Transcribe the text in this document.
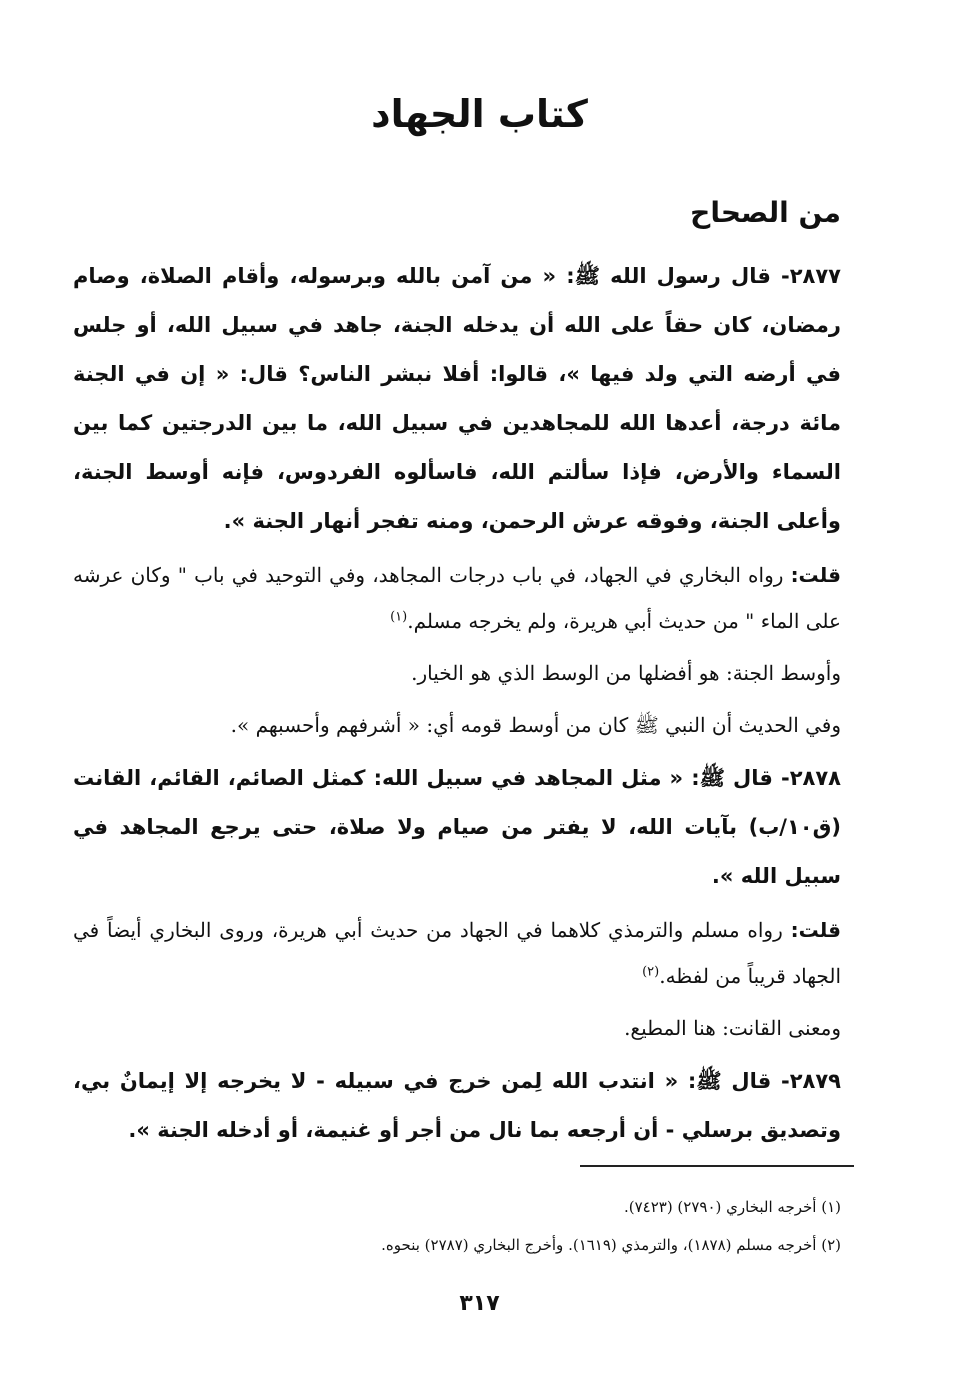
كتاب الجهاد
من الصحاح

٢٨٧٧- قال رسول الله ﷺ: « من آمن بالله وبرسوله، وأقام الصلاة، وصام رمضان، كان حقاً على الله أن يدخله الجنة، جاهد في سبيل الله، أو جلس في أرضه التي ولد فيها »، قالوا: أفلا نبشر الناس؟ قال: « إن في الجنة مائة درجة، أعدها الله للمجاهدين في سبيل الله، ما بين الدرجتين كما بين السماء والأرض، فإذا سألتم الله، فاسألوه الفردوس، فإنه أوسط الجنة، وأعلى الجنة، وفوقه عرش الرحمن، ومنه تفجر أنهار الجنة ».

قلت: رواه البخاري في الجهاد، في باب درجات المجاهد، وفي التوحيد في باب " وكان عرشه على الماء " من حديث أبي هريرة، ولم يخرجه مسلم.$^{(١)}$

وأوسط الجنة: هو أفضلها من الوسط الذي هو الخيار.

وفي الحديث أن النبي ﷺ كان من أوسط قومه أي: « أشرفهم وأحسبهم ».

٢٨٧٨- قال ﷺ: « مثل المجاهد في سبيل الله: كمثل الصائم، القائم، القانت (ق١٠/ب) بآيات الله، لا يفتر من صيام ولا صلاة، حتى يرجع المجاهد في سبيل الله ».

قلت: رواه مسلم والترمذي كلاهما في الجهاد من حديث أبي هريرة، وروى البخاري أيضاً في الجهاد قريباً من لفظه.$^{(٢)}$

ومعنى القانت: هنا المطيع.

٢٨٧٩- قال ﷺ: « انتدب الله لِمن خرج في سبيله - لا يخرجه إلا إيمانٌ بي، وتصديق برسلي - أن أرجعه بما نال من أجر أو غنيمة، أو أدخله الجنة ».

(١) أخرجه البخاري (٢٧٩٠) (٧٤٢٣).

(٢) أخرجه مسلم (١٨٧٨)، والترمذي (١٦١٩). وأخرج البخاري (٢٧٨٧) بنحوه.

٣١٧
